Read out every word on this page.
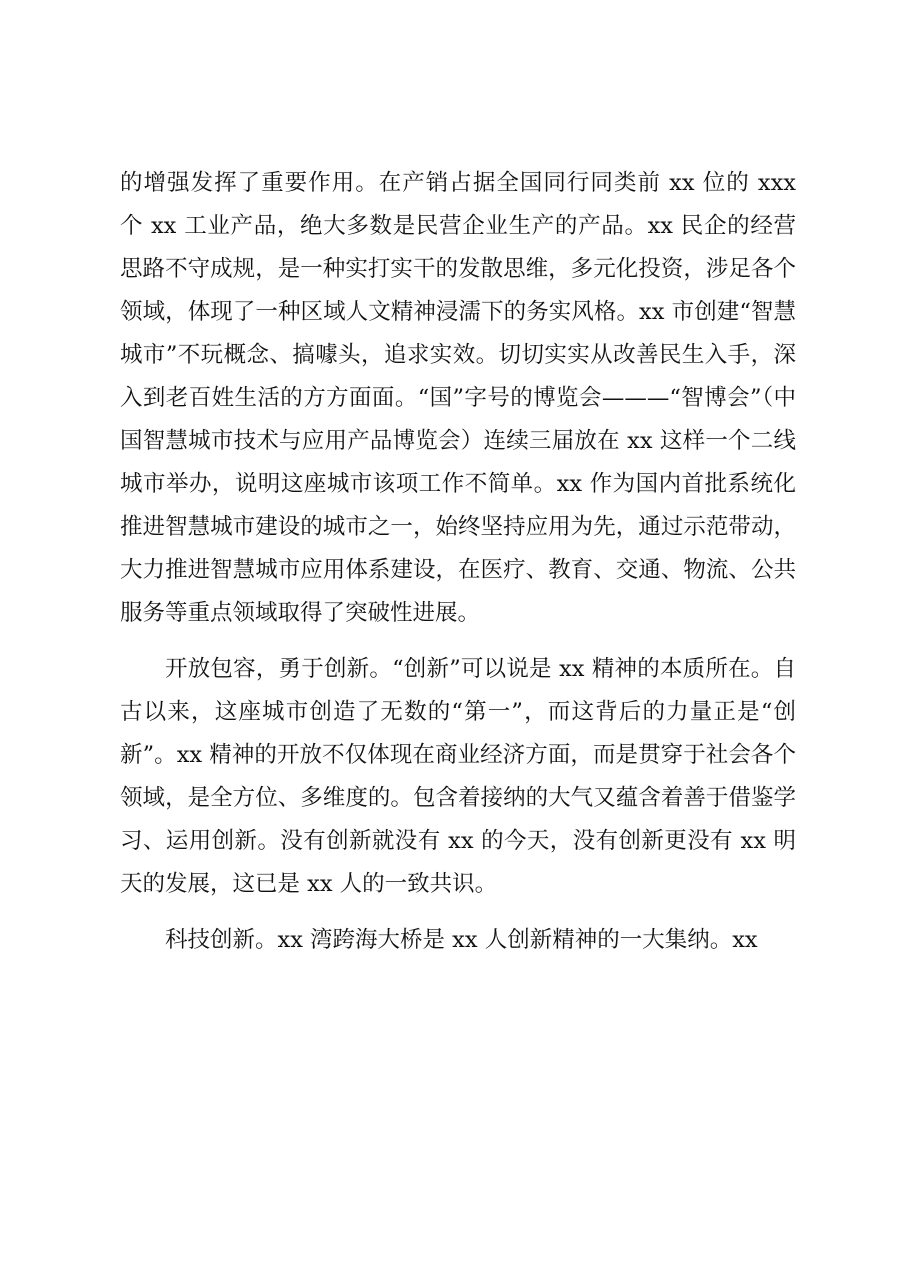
的增强发挥了重要作用。在产销占据全国同行同类前 xx 位的 xxx 个 xx 工业产品，绝大多数是民营企业生产的产品。xx 民企的经营思路不守成规，是一种实打实干的发散思维，多元化投资，涉足各个领域，体现了一种区域人文精神浸濡下的务实风格。xx 市创建“智慧城市”不玩概念、搞噱头，追求实效。切切实实从改善民生入手，深入到老百姓生活的方方面面。“国”字号的博览会———“智博会”（中国智慧城市技术与应用产品博览会）连续三届放在 xx 这样一个二线城市举办，说明这座城市该项工作不简单。xx 作为国内首批系统化推进智慧城市建设的城市之一，始终坚持应用为先，通过示范带动，大力推进智慧城市应用体系建设，在医疗、教育、交通、物流、公共服务等重点领域取得了突破性进展。

开放包容，勇于创新。“创新”可以说是 xx 精神的本质所在。自古以来，这座城市创造了无数的“第一”，而这背后的力量正是“创新”。xx 精神的开放不仅体现在商业经济方面，而是贯穿于社会各个领域，是全方位、多维度的。包含着接纳的大气又蕴含着善于借鉴学习、运用创新。没有创新就没有 xx 的今天，没有创新更没有 xx 明天的发展，这已是 xx 人的一致共识。

科技创新。xx 湾跨海大桥是 xx 人创新精神的一大集纳。xx
